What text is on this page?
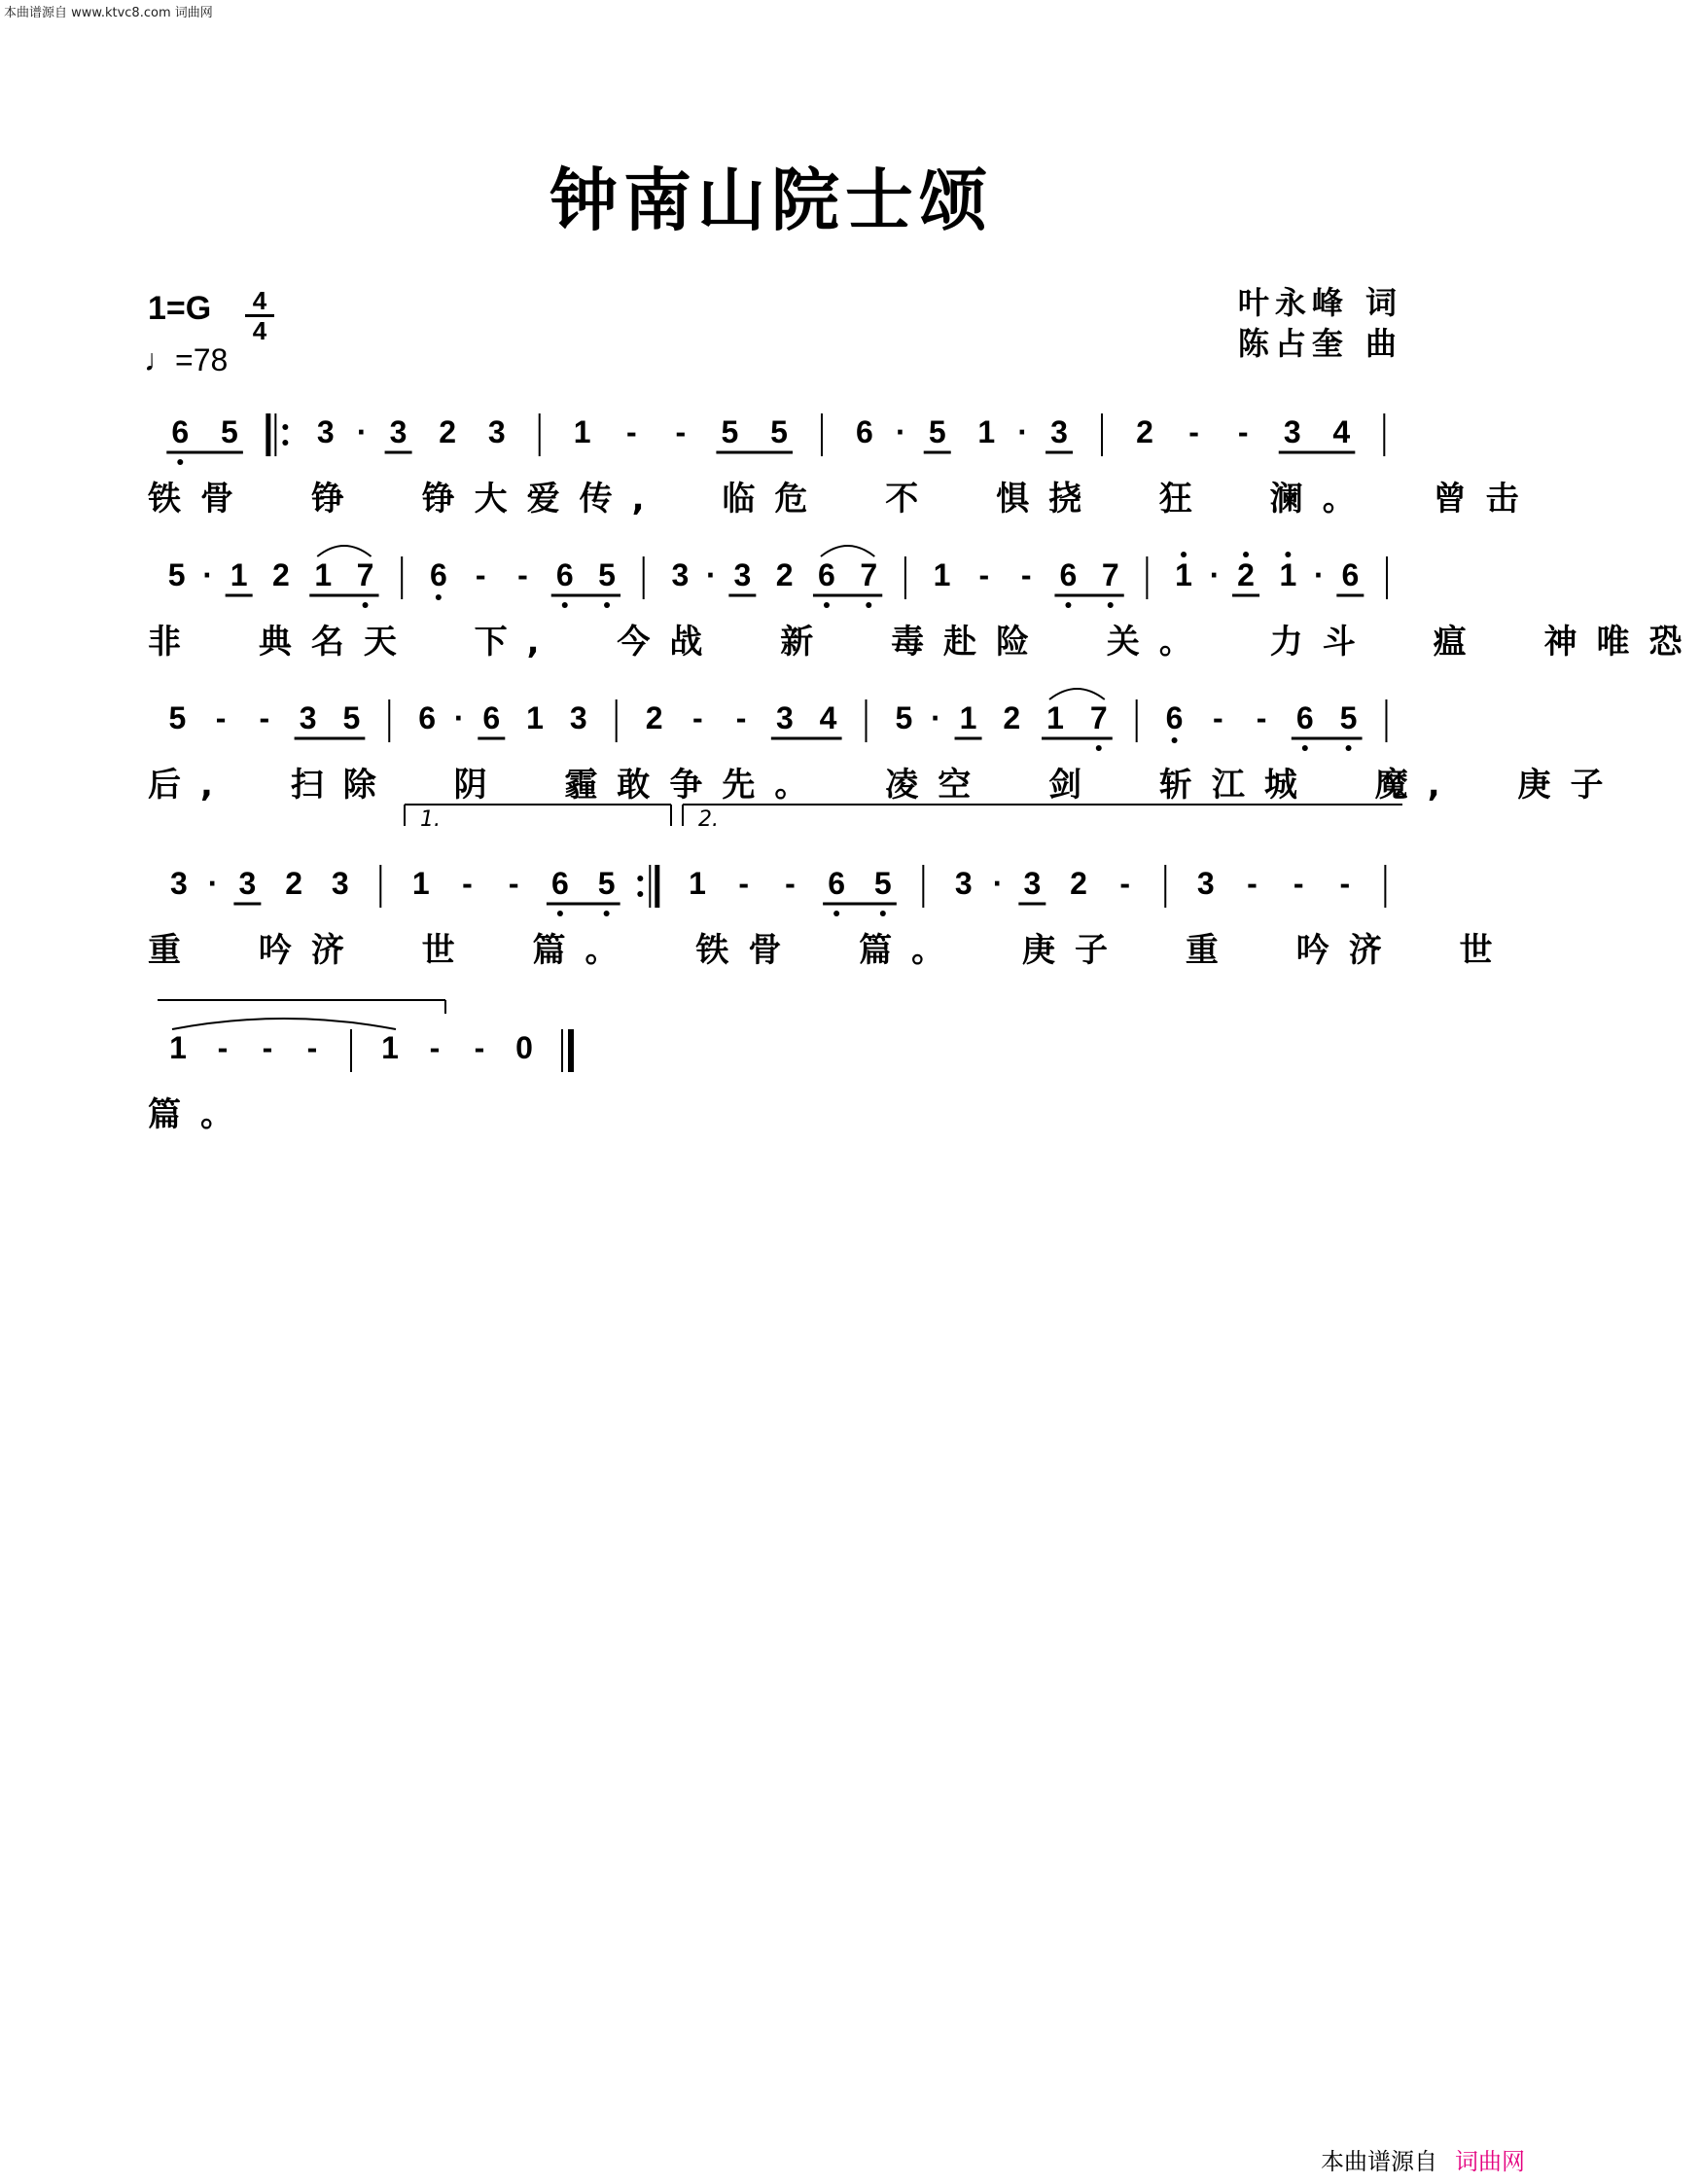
本曲谱源自 www.ktvc8.com 词曲网
钟南山院士颂
1=G 4
4
♩=78
叶永峰 词
陈占奎 曲
6 5	3 · 3 2 3 1 - - 5 5 6 · 5 1 · 3 2 - - 3 4
5 · 1 2 1 7 6 - - 6 5 3 · 3 2 6 7 1 - - 6 7 1 · 2 1 · 6
5 - - 3 5 6 · 6 1 3 2 - - 3 4 5 · 1 2 1 7 6 - - 6 5
3 · 3 2 3 1 - - 6 5 1 - - 6 5 3 · 3 2 - 3 - - -
1.	2.
1 - - - 1 - - 0
铁骨 铮 铮大爱传, 临危 不 惧挠 狂 澜。 曾击
非 典名天 下, 今战 新 毒赴险 关。 力斗 瘟 神唯恐
后, 扫除 阴 霾敢争先。 凌空 剑 斩江城 魔, 庚子
重 吟济 世 篇。 铁骨 篇。 庚子 重 吟济 世
篇。
本曲谱源自 词曲网
